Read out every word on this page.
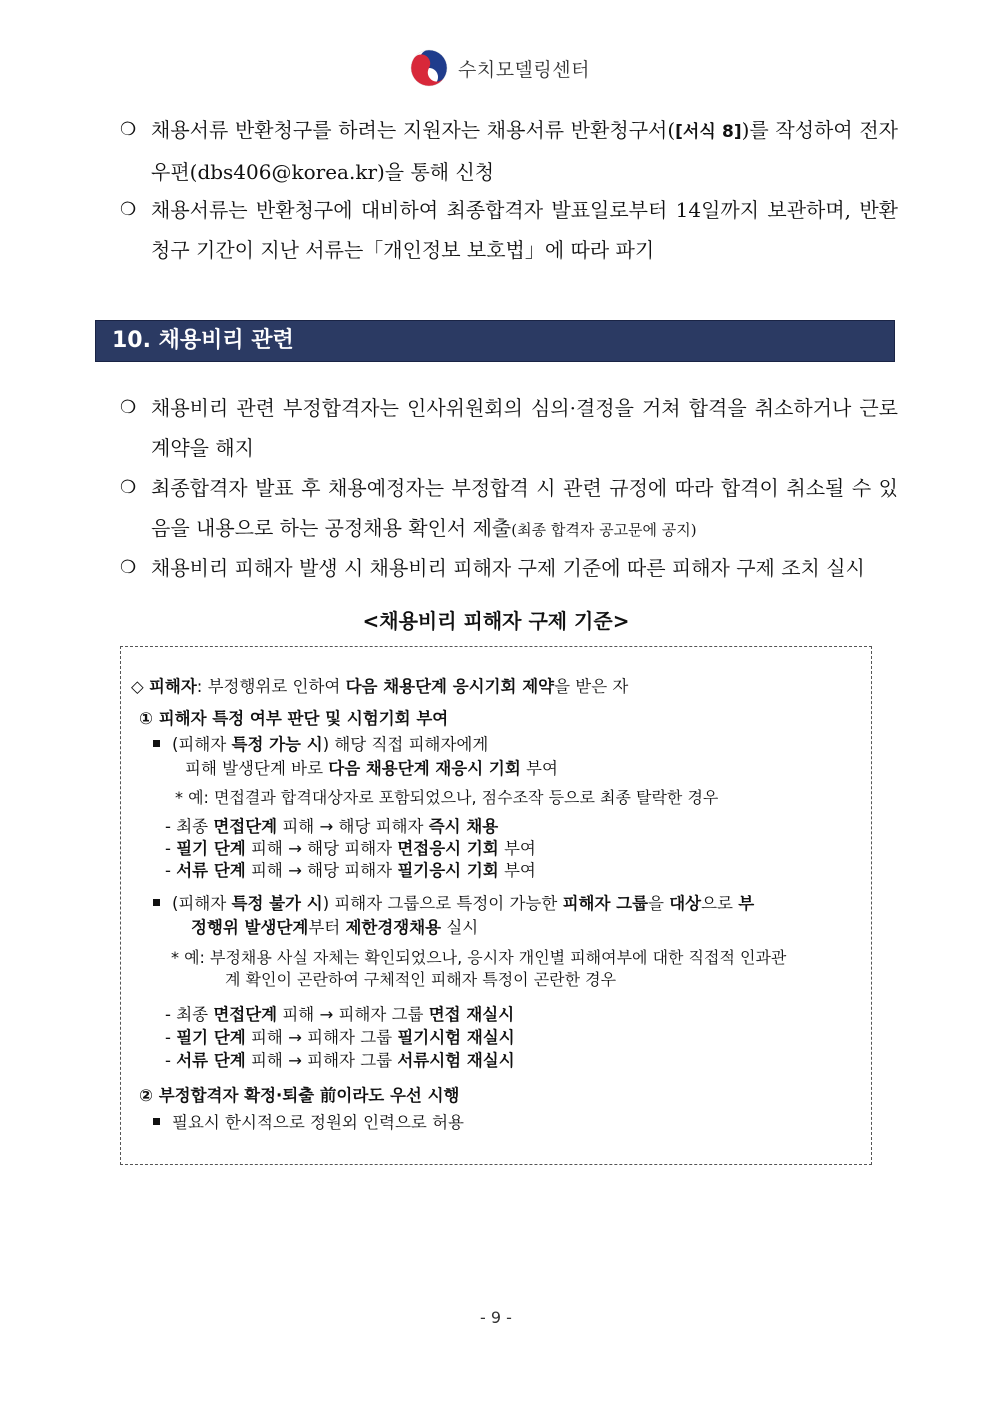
수치모델링센터
❍ 채용서류 반환청구를 하려는 지원자는 채용서류 반환청구서([서식 8])를 작성하여 전자우편(dbs406@korea.kr)을 통해 신청
❍ 채용서류는 반환청구에 대비하여 최종합격자 발표일로부터 14일까지 보관하며, 반환청구 기간이 지난 서류는「개인정보 보호법」에 따라 파기
10. 채용비리 관련
❍ 채용비리 관련 부정합격자는 인사위원회의 심의·결정을 거쳐 합격을 취소하거나 근로계약을 해지
❍ 최종합격자 발표 후 채용예정자는 부정합격 시 관련 규정에 따라 합격이 취소될 수 있음을 내용으로 하는 공정채용 확인서 제출(최종 합격자 공고문에 공지)
❍ 채용비리 피해자 발생 시 채용비리 피해자 구제 기준에 따른 피해자 구제 조치 실시
<채용비리 피해자 구제 기준>
◇ 피해자: 부정행위로 인하여 다음 채용단계 응시기회 제약을 받은 자
① 피해자 특정 여부 판단 및 시험기회 부여
(피해자 특정 가능 시) 해당 직접 피해자에게
피해 발생단계 바로 다음 채용단계 재응시 기회 부여
* 예: 면접결과 합격대상자로 포함되었으나, 점수조작 등으로 최종 탈락한 경우
- 최종 면접단계 피해 → 해당 피해자 즉시 채용
- 필기 단계 피해 → 해당 피해자 면접응시 기회 부여
- 서류 단계 피해 → 해당 피해자 필기응시 기회 부여
(피해자 특정 불가 시) 피해자 그룹으로 특정이 가능한 피해자 그룹을 대상으로 부
정행위 발생단계부터 제한경쟁채용 실시
* 예: 부정채용 사실 자체는 확인되었으나, 응시자 개인별 피해여부에 대한 직접적 인과관
계 확인이 곤란하여 구체적인 피해자 특정이 곤란한 경우
- 최종 면접단계 피해 → 피해자 그룹 면접 재실시
- 필기 단계 피해 → 피해자 그룹 필기시험 재실시
- 서류 단계 피해 → 피해자 그룹 서류시험 재실시
② 부정합격자 확정·퇴출 前이라도 우선 시행
필요시 한시적으로 정원외 인력으로 허용
- 9 -
